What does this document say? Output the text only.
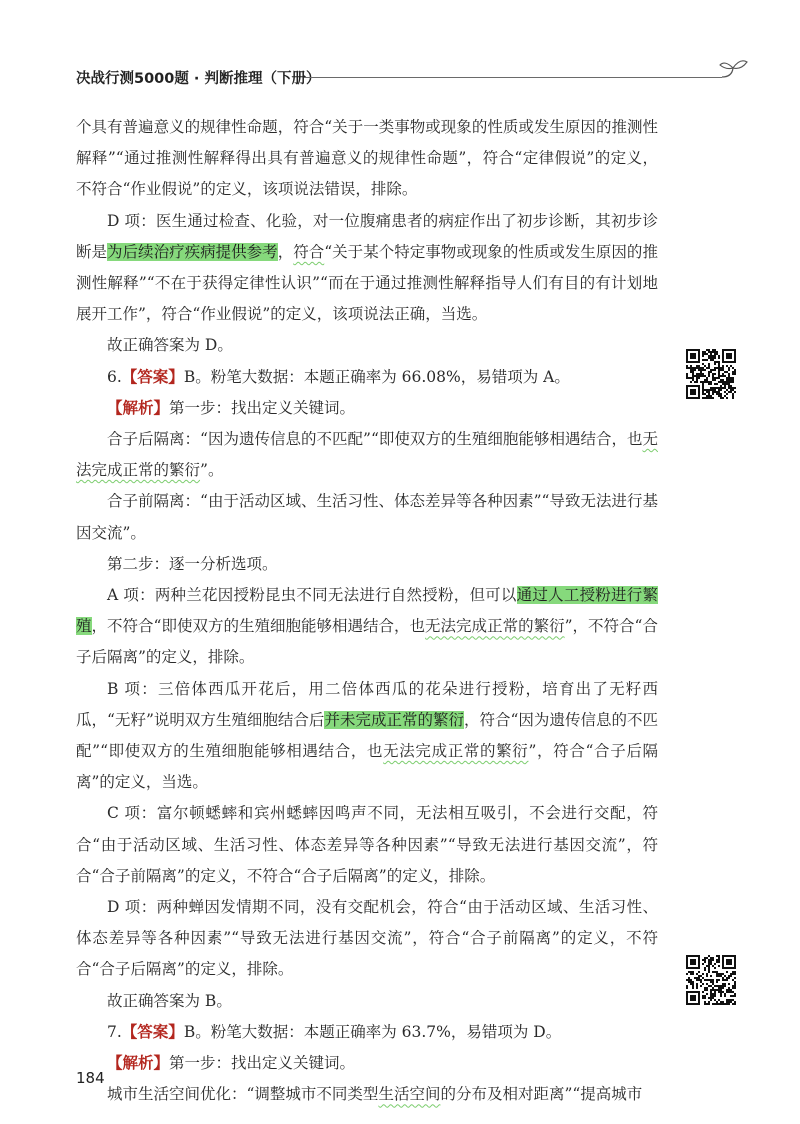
决战行测5000题 · 判断推理（下册）

个具有普遍意义的规律性命题，符合“关于一类事物或现象的性质或发生原因的推测性解释”“通过推测性解释得出具有普遍意义的规律性命题”，符合“定律假说”的定义，不符合“作业假说”的定义，该项说法错误，排除。

D 项：医生通过检查、化验，对一位腹痛患者的病症作出了初步诊断，其初步诊断是为后续治疗疾病提供参考，符合“关于某个特定事物或现象的性质或发生原因的推测性解释”“不在于获得定律性认识”“而在于通过推测性解释指导人们有目的有计划地展开工作”，符合“作业假说”的定义，该项说法正确，当选。

故正确答案为 D。

6.【答案】B。粉笔大数据：本题正确率为 66.08%，易错项为 A。

【解析】第一步：找出定义关键词。

合子后隔离：“因为遗传信息的不匹配”“即使双方的生殖细胞能够相遇结合，也无法完成正常的繁衍”。

合子前隔离：“由于活动区域、生活习性、体态差异等各种因素”“导致无法进行基因交流”。

第二步：逐一分析选项。

A 项：两种兰花因授粉昆虫不同无法进行自然授粉，但可以通过人工授粉进行繁殖，不符合“即使双方的生殖细胞能够相遇结合，也无法完成正常的繁衍”，不符合“合子后隔离”的定义，排除。

B 项：三倍体西瓜开花后，用二倍体西瓜的花朵进行授粉，培育出了无籽西瓜，“无籽”说明双方生殖细胞结合后并未完成正常的繁衍，符合“因为遗传信息的不匹配”“即使双方的生殖细胞能够相遇结合，也无法完成正常的繁衍”，符合“合子后隔离”的定义，当选。

C 项：富尔顿蟋蟀和宾州蟋蟀因鸣声不同，无法相互吸引，不会进行交配，符合“由于活动区域、生活习性、体态差异等各种因素”“导致无法进行基因交流”，符合“合子前隔离”的定义，不符合“合子后隔离”的定义，排除。

D 项：两种蝉因发情期不同，没有交配机会，符合“由于活动区域、生活习性、体态差异等各种因素”“导致无法进行基因交流”，符合“合子前隔离”的定义，不符合“合子后隔离”的定义，排除。

故正确答案为 B。

7.【答案】B。粉笔大数据：本题正确率为 63.7%，易错项为 D。

【解析】第一步：找出定义关键词。

城市生活空间优化：“调整城市不同类型生活空间的分布及相对距离”“提高城市

184
